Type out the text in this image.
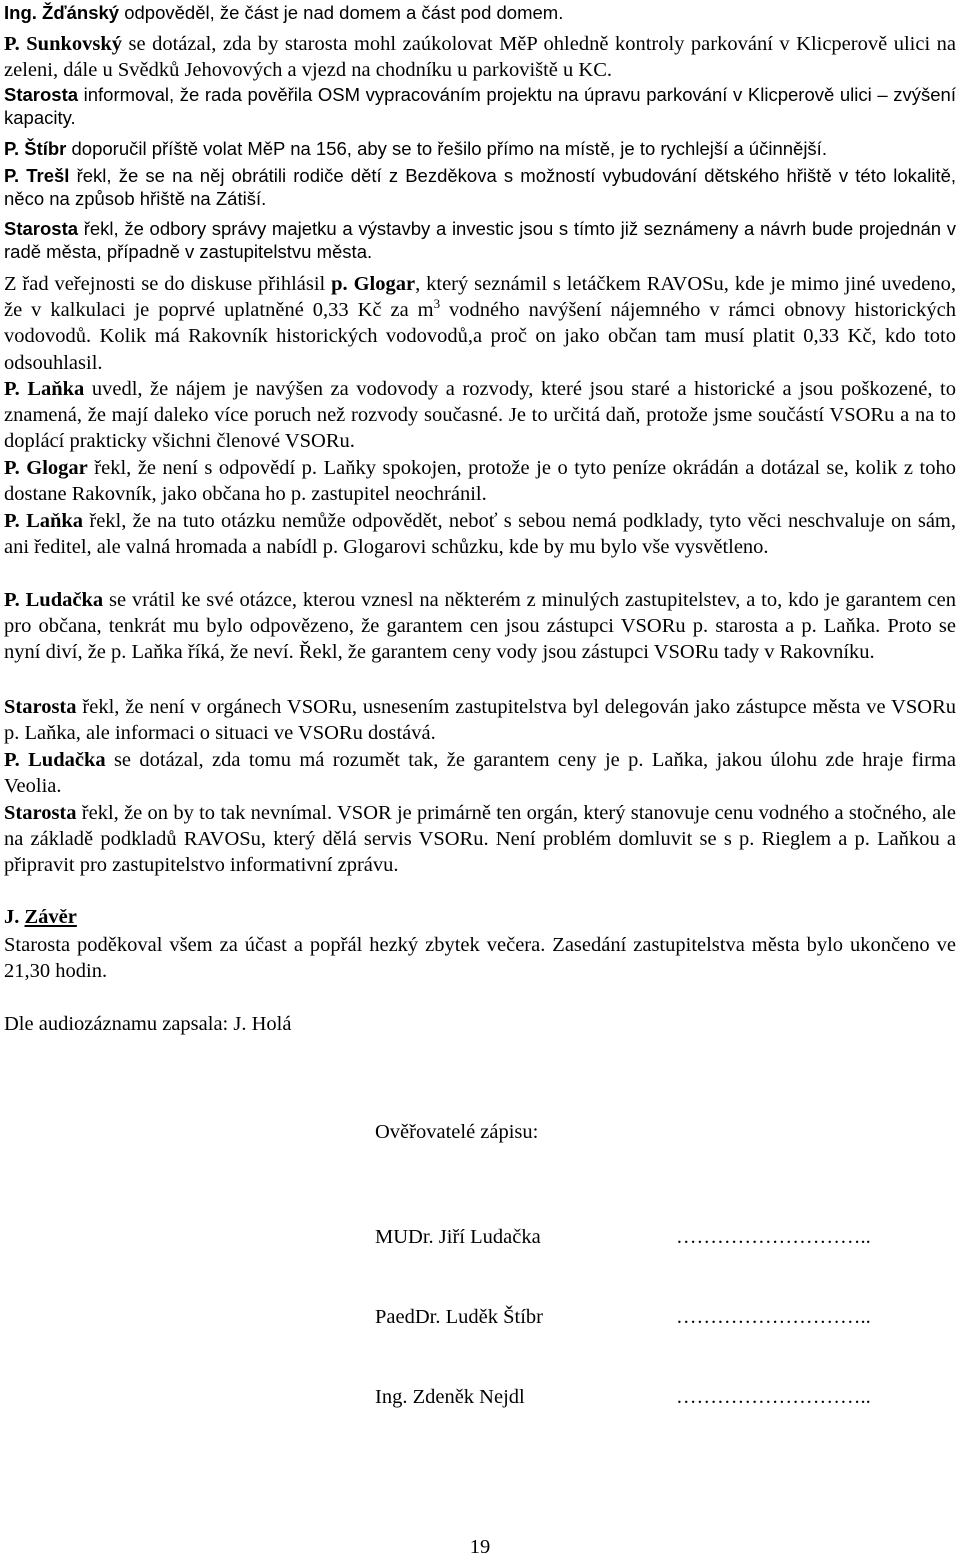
Ing. Žďánský odpověděl, že část je nad domem a část pod domem.

P. Sunkovský se dotázal, zda by starosta mohl zaúkolovat MěP ohledně kontroly parkování v Klicperově ulici na zeleni, dále u Svědků Jehovových a vjezd na chodníku u parkoviště u KC.

Starosta informoval, že rada pověřila OSM vypracováním projektu na úpravu parkování v Klicperově ulici – zvýšení kapacity.

P. Štíbr doporučil příště volat MěP na 156, aby se to řešilo přímo na místě, je to rychlejší a účinnější.

P. Trešl řekl, že se na něj obrátili rodiče dětí z Bezděkova s možností vybudování dětského hřiště v této lokalitě, něco na způsob hřiště na Zátiší.

Starosta řekl, že odbory správy majetku a výstavby a investic jsou s tímto již seznámeny a návrh bude projednán v radě města, případně v zastupitelstvu města.

Z řad veřejnosti se do diskuse přihlásil p. Glogar, který seznámil s letáčkem RAVOSu, kde je mimo jiné uvedeno, že v kalkulaci je poprvé uplatněné 0,33 Kč za $m^3$ vodného navýšení nájemného v rámci obnovy historických vodovodů. Kolik má Rakovník historických vodovodů,a proč on jako občan tam musí platit 0,33 Kč, kdo toto odsouhlasil.

P. Laňka uvedl, že nájem je navýšen za vodovody a rozvody, které jsou staré a historické a jsou poškozené, to znamená, že mají daleko více poruch než rozvody současné. Je to určitá daň, protože jsme součástí VSORu a na to doplácí prakticky všichni členové VSORu.

P. Glogar řekl, že není s odpovědí p. Laňky spokojen, protože je o tyto peníze okrádán a dotázal se, kolik z toho dostane Rakovník, jako občana ho p. zastupitel neochránil.

P. Laňka řekl, že na tuto otázku nemůže odpovědět, neboť s sebou nemá podklady, tyto věci neschvaluje on sám, ani ředitel, ale valná hromada a nabídl p. Glogarovi schůzku, kde by mu bylo vše vysvětleno.

P. Ludačka se vrátil ke své otázce, kterou vznesl na některém z minulých zastupitelstev, a to, kdo je garantem cen pro občana, tenkrát mu bylo odpovězeno, že garantem cen jsou zástupci VSORu p. starosta a p. Laňka. Proto se nyní diví, že p. Laňka říká, že neví. Řekl, že garantem ceny vody jsou zástupci VSORu tady v Rakovníku.

Starosta řekl, že není v orgánech VSORu, usnesením zastupitelstva byl delegován jako zástupce města ve VSORu p. Laňka, ale informaci o situaci ve VSORu dostává.

P. Ludačka se dotázal, zda tomu má rozumět tak, že garantem ceny je p. Laňka, jakou úlohu zde hraje firma Veolia.

Starosta řekl, že on by to tak nevnímal. VSOR je primárně ten orgán, který stanovuje cenu vodného a stočného, ale na základě podkladů RAVOSu, který dělá servis VSORu. Není problém domluvit se s p. Rieglem a p. Laňkou a připravit pro zastupitelstvo informativní zprávu.

J. Závěr

Starosta poděkoval všem za účast a popřál hezký zbytek večera. Zasedání zastupitelstva města bylo ukončeno ve 21,30 hodin.

Dle audiozáznamu zapsala: J. Holá
Ověřovatelé zápisu:
MUDr. Jiří Ludačka	………………………..
PaedDr. Luděk Štíbr	………………………..
Ing. Zdeněk Nejdl	………………………..
19
